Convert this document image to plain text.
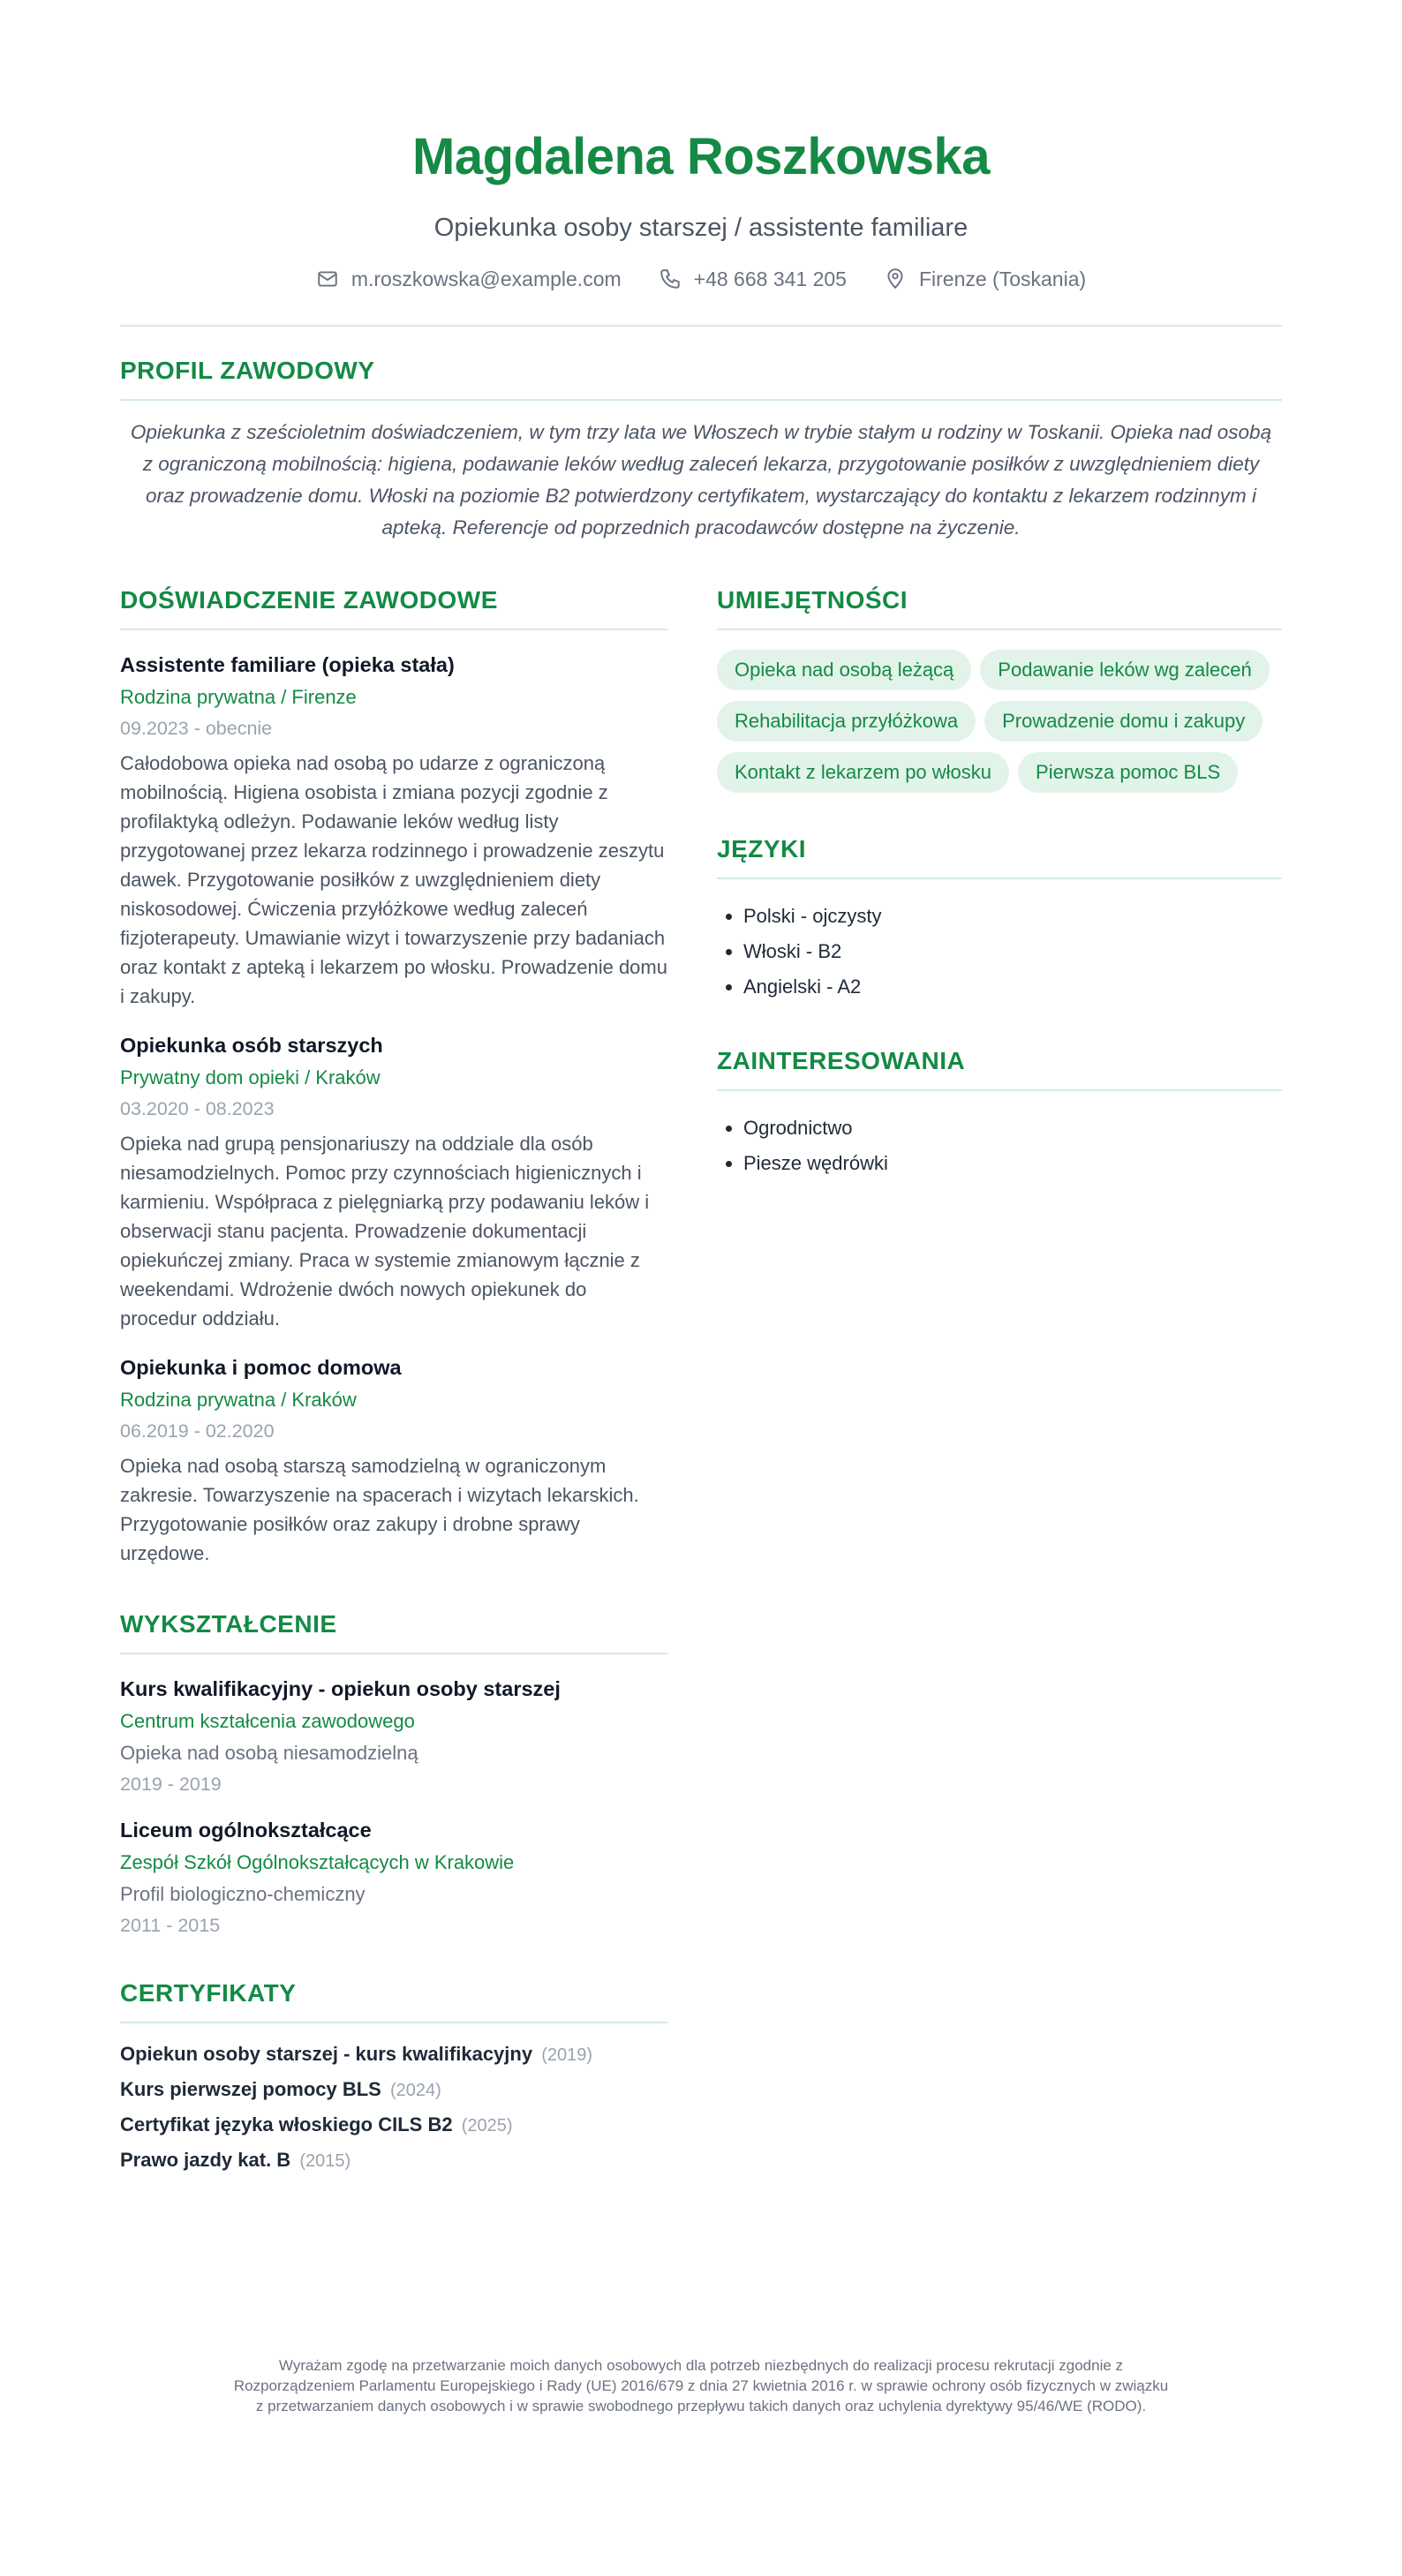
Magdalena Roszkowska
Opiekunka osoby starszej / assistente familiare
m.roszkowska@example.com	+48 668 341 205	Firenze (Toskania)
PROFIL ZAWODOWY
Opiekunka z sześcioletnim doświadczeniem, w tym trzy lata we Włoszech w trybie stałym u rodziny w Toskanii. Opieka nad osobą z ograniczoną mobilnością: higiena, podawanie leków według zaleceń lekarza, przygotowanie posiłków z uwzględnieniem diety oraz prowadzenie domu. Włoski na poziomie B2 potwierdzony certyfikatem, wystarczający do kontaktu z lekarzem rodzinnym i apteką. Referencje od poprzednich pracodawców dostępne na życzenie.
DOŚWIADCZENIE ZAWODOWE
Assistente familiare (opieka stała)
Rodzina prywatna / Firenze
09.2023 - obecnie
Całodobowa opieka nad osobą po udarze z ograniczoną mobilnością. Higiena osobista i zmiana pozycji zgodnie z profilaktyką odleżyn. Podawanie leków według listy przygotowanej przez lekarza rodzinnego i prowadzenie zeszytu dawek. Przygotowanie posiłków z uwzględnieniem diety niskosodowej. Ćwiczenia przyłóżkowe według zaleceń fizjoterapeuty. Umawianie wizyt i towarzyszenie przy badaniach oraz kontakt z apteką i lekarzem po włosku. Prowadzenie domu i zakupy.
Opiekunka osób starszych
Prywatny dom opieki / Kraków
03.2020 - 08.2023
Opieka nad grupą pensjonariuszy na oddziale dla osób niesamodzielnych. Pomoc przy czynnościach higienicznych i karmieniu. Współpraca z pielęgniarką przy podawaniu leków i obserwacji stanu pacjenta. Prowadzenie dokumentacji opiekuńczej zmiany. Praca w systemie zmianowym łącznie z weekendami. Wdrożenie dwóch nowych opiekunek do procedur oddziału.
Opiekunka i pomoc domowa
Rodzina prywatna / Kraków
06.2019 - 02.2020
Opieka nad osobą starszą samodzielną w ograniczonym zakresie. Towarzyszenie na spacerach i wizytach lekarskich. Przygotowanie posiłków oraz zakupy i drobne sprawy urzędowe.
WYKSZTAŁCENIE
Kurs kwalifikacyjny - opiekun osoby starszej
Centrum kształcenia zawodowego
Opieka nad osobą niesamodzielną
2019 - 2019
Liceum ogólnokształcące
Zespół Szkół Ogólnokształcących w Krakowie
Profil biologiczno-chemiczny
2011 - 2015
CERTYFIKATY
Opiekun osoby starszej - kurs kwalifikacyjny (2019)
Kurs pierwszej pomocy BLS (2024)
Certyfikat języka włoskiego CILS B2 (2025)
Prawo jazdy kat. B (2015)
UMIEJĘTNOŚCI
Opieka nad osobą leżącą	Podawanie leków wg zaleceń
Rehabilitacja przyłóżkowa	Prowadzenie domu i zakupy
Kontakt z lekarzem po włosku	Pierwsza pomoc BLS
JĘZYKI
• Polski - ojczysty
• Włoski - B2
• Angielski - A2
ZAINTERESOWANIA
• Ogrodnictwo
• Piesze wędrówki
Wyrażam zgodę na przetwarzanie moich danych osobowych dla potrzeb niezbędnych do realizacji procesu rekrutacji zgodnie z Rozporządzeniem Parlamentu Europejskiego i Rady (UE) 2016/679 z dnia 27 kwietnia 2016 r. w sprawie ochrony osób fizycznych w związku z przetwarzaniem danych osobowych i w sprawie swobodnego przepływu takich danych oraz uchylenia dyrektywy 95/46/WE (RODO).
